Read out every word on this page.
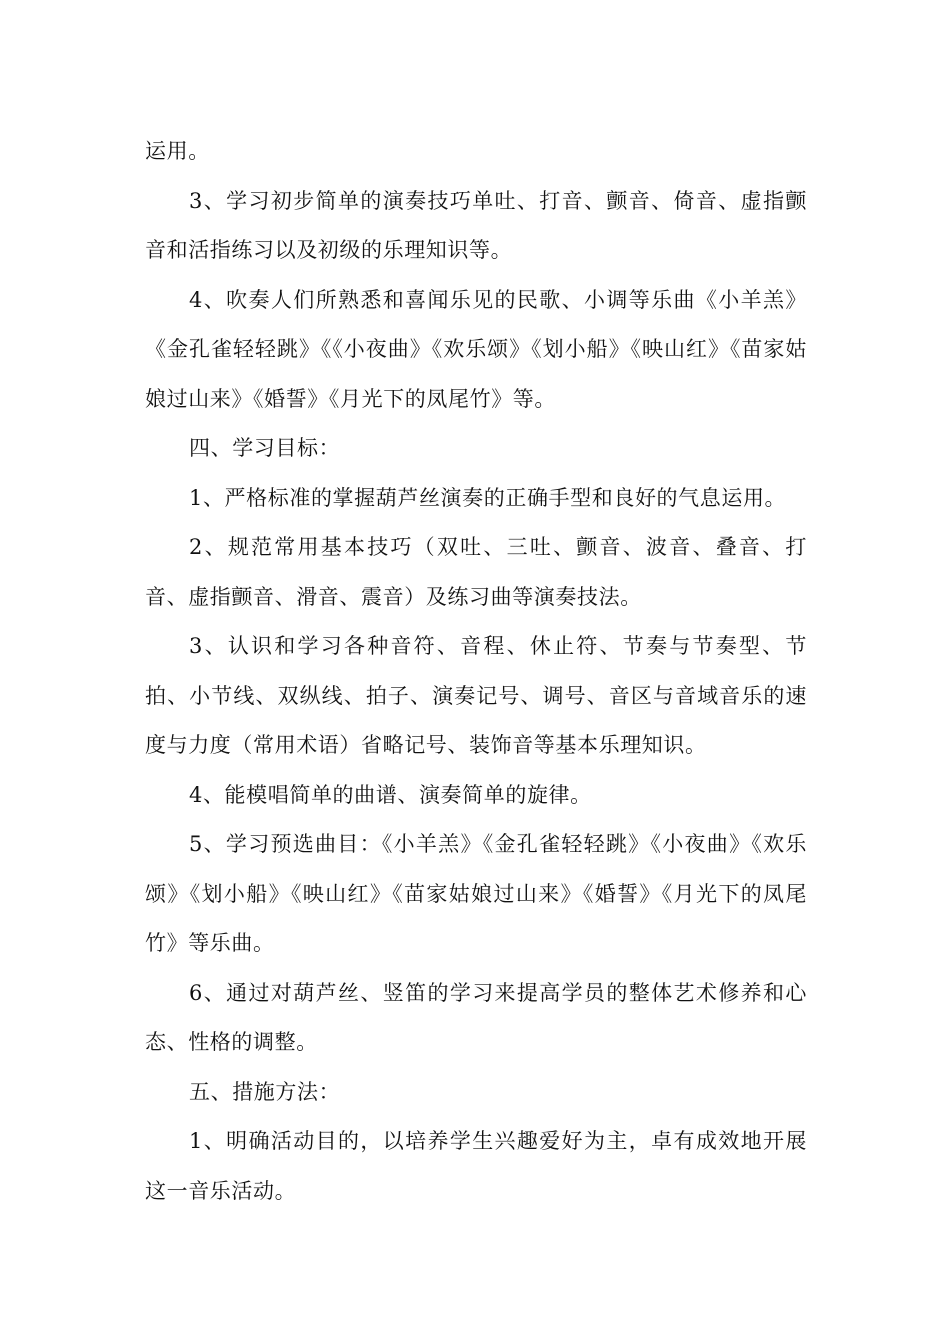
运用。

3、学习初步简单的演奏技巧单吐、打音、颤音、倚音、虚指颤音和活指练习以及初级的乐理知识等。

4、吹奏人们所熟悉和喜闻乐见的民歌、小调等乐曲《小羊羔》《金孔雀轻轻跳》《《小夜曲》《欢乐颂》《划小船》《映山红》《苗家姑娘过山来》《婚誓》《月光下的凤尾竹》等。

四、学习目标：

1、严格标准的掌握葫芦丝演奏的正确手型和良好的气息运用。

2、规范常用基本技巧（双吐、三吐、颤音、波音、叠音、打音、虚指颤音、滑音、震音）及练习曲等演奏技法。

3、认识和学习各种音符、音程、休止符、节奏与节奏型、节拍、小节线、双纵线、拍子、演奏记号、调号、音区与音域音乐的速度与力度（常用术语）省略记号、装饰音等基本乐理知识。

4、能模唱简单的曲谱、演奏简单的旋律。

5、学习预选曲目：《小羊羔》《金孔雀轻轻跳》《小夜曲》《欢乐颂》《划小船》《映山红》《苗家姑娘过山来》《婚誓》《月光下的凤尾竹》等乐曲。

6、通过对葫芦丝、竖笛的学习来提高学员的整体艺术修养和心态、性格的调整。

五、措施方法：

1、明确活动目的，以培养学生兴趣爱好为主，卓有成效地开展这一音乐活动。
